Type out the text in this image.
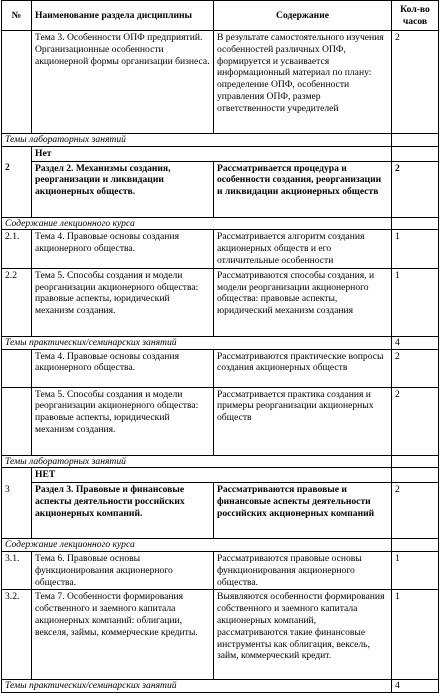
№	Наименование раздела дисциплины	Содержание	Кол-во часов
	Тема 3. Особенности ОПФ предприятий. Организационные особенности акционерной формы организации бизнеса.	В результате самостоятельного изучения особенностей различных ОПФ, формируется и усваивается информационный материал по плану: определение ОПФ, особенности управления ОПФ, размер ответственности учредителей	2
Темы лабораторных занятий			
	Нет		
2	Раздел 2. Механизмы создания, реорганизации и ликвидации акционерных обществ.	Рассматривается процедура и особенности создания, реорганизации и ликвидации акционерных обществ	2
Содержание лекционного курса			
2.1.	Тема 4. Правовые основы создания акционерного общества.	Рассматривается алгоритм создания акционерных обществ и его отличительные особенности	1
2.2	Тема 5. Способы создания и модели реорганизации акционерного общества: правовые аспекты, юридический механизм создания.	Рассматриваются способы создания, и модели реорганизации акционерного общества: правовые аспекты, юридический механизм создания	1
Темы практических/семинарских занятий			4
	Тема 4. Правовые основы создания акционерного общества.	Рассматриваются практические вопросы создания акционерных обществ	2
	Тема 5. Способы создания и модели реорганизации акционерного общества: правовые аспекты, юридический механизм создания.	Рассматривается практика создания и примеры реорганизации акционерных обществ	2
Темы лабораторных занятий			
	НЕТ		
3	Раздел 3. Правовые и финансовые аспекты деятельности российских акционерных компаний.	Рассматриваются правовые и финансовые аспекты деятельности российских акционерных компаний	2
Содержание лекционного курса			
3.1.	Тема 6. Правовые основы функционирования акционерного общества.	Рассматриваются правовые основы функционирования акционерного общества.	1
3.2.	Тема 7. Особенности формирования собственного и заемного капитала акционерных компаний: облигации, векселя, займы, коммерческие кредиты.	Выявляются особенности формирования собственного и заемного капитала акционерных компаний, рассматриваются такие финансовые инструменты как облигация, вексель, займ, коммерческий кредит.	1
Темы практических/семинарских занятий			4
